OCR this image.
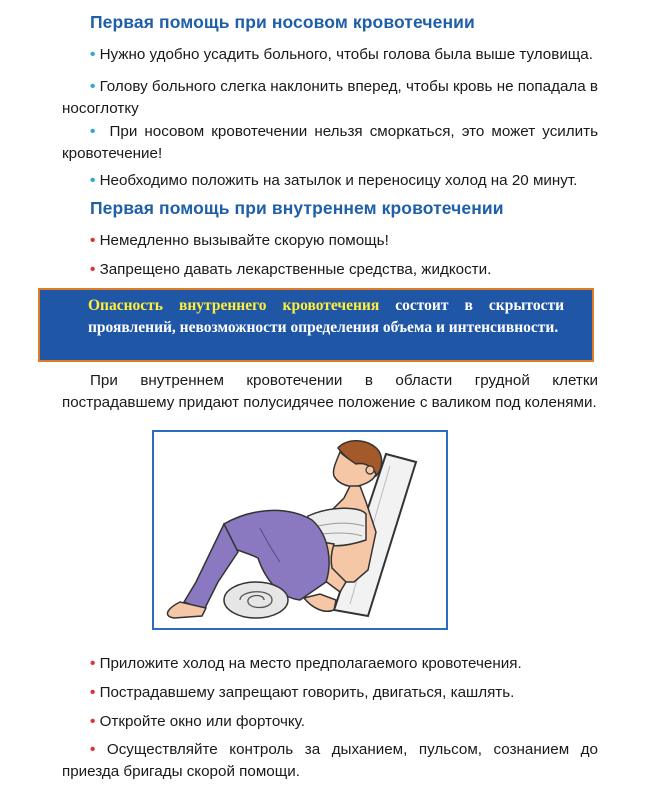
Первая помощь при носовом кровотечении

• Нужно удобно усадить больного, чтобы голова была выше туловища.

• Голову больного слегка наклонить вперед, чтобы кровь не попадала в носоглотку

• При носовом кровотечении нельзя сморкаться, это может усилить кровотечение!

• Необходимо положить на затылок и переносицу холод на 20 минут.

Первая помощь при внутреннем кровотечении

• Немедленно вызывайте скорую помощь!

• Запрещено давать лекарственные средства, жидкости.

Опасность внутреннего кровотечения состоит в скрытости проявлений, невозможности определения объема и интенсивности.

При внутреннем кровотечении в области грудной клетки пострадавшему придают полусидячее положение с валиком под коленями.

• Приложите холод на место предполагаемого кровотечения.

• Пострадавшему запрещают говорить, двигаться, кашлять.

• Откройте окно или форточку.

• Осуществляйте контроль за дыханием, пульсом, сознанием до приезда бригады скорой помощи.
